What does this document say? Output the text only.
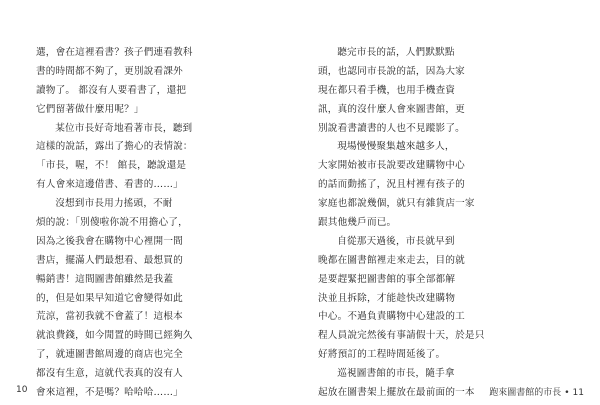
選，會在這裡看書？孩子們連看教科
書的時間都不夠了，更別說看課外
讀物了。 都沒有人要看書了，還把
它們留著做什麼用呢？」
某位市長好奇地看著市長，聽到
這樣的說話，露出了擔心的表情說：
「市長，喔，不！ 館長，聽說還是
有人會來這邊借書、看書的……」
沒想到市長用力搖頭，不耐
煩的說：「別傻啦你說不用擔心了，
因為之後我會在購物中心裡開一間
書店，擺滿人們最想看、最想買的
暢銷書！這間圖書館雖然是我蓋
的，但是如果早知道它會變得如此
荒涼，當初我就不會蓋了！這根本
就浪費錢，如今閒置的時間已經夠久
了，就連圖書館周邊的商店也完全
都沒有生意，這就代表真的沒有人
會來這裡，不是嗎？哈哈哈……」
聽完市長的話，人們默默點
頭，也認同市長說的話，因為大家
現在都只看手機，也用手機查資
訊，真的沒什麼人會來圖書館，更
別說看書讀書的人也不見蹤影了。
現場慢慢聚集越來越多人，
大家開始被市長說要改建購物中心
的話而動搖了，況且村裡有孩子的
家庭也都說幾個，就只有雜貨店一家
跟其他幾戶而已。
自從那天過後，市長就早到
晚都在圖書館裡走來走去，目的就
是要趕緊把圖書館的事全部都解
決並且拆除，才能趁快改建購物
中心。不過負責購物中心建設的工
程人員說完然後有事請假十天，於是只
好將預訂的工程時間延後了。
巡視圖書館的市長，隨手拿
起放在圖書架上擺放在最前面的一本
10	跑來圖書館的市長 • 11
